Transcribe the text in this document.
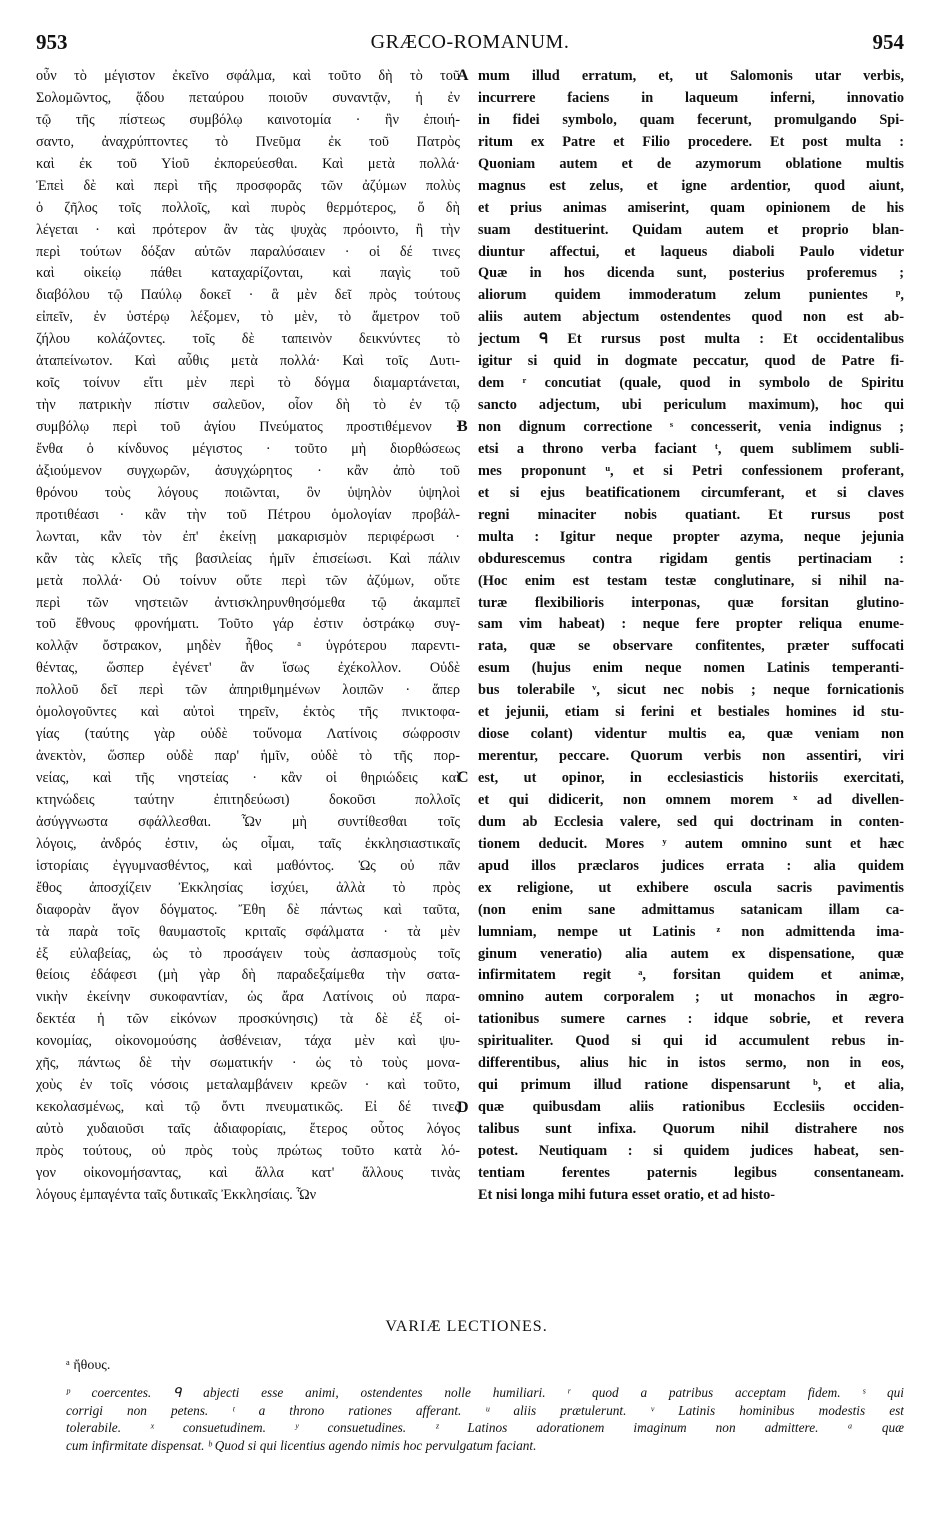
953	GRÆCO-ROMANUM.	954
οὖν τὸ μέγιστον ἐκεῖνο σφάλμα, καὶ τοῦτο δὴ τὸ τοῦ
Σολομῶντος, ᾅδου πεταύρου ποιοῦν συναντᾷν, ἡ ἐν
τῷ τῆς πίστεως συμβόλῳ καινοτομία · ἣν ἐποιή-
σαντο, ἀναχρύπτοντες τὸ Πνεῦμα ἐκ τοῦ Πατρὸς
καὶ ἐκ τοῦ Υἱοῦ ἐκπορεύεσθαι. Καὶ μετὰ πολλά·
Ἐπεὶ δὲ καὶ περὶ τῆς προσφορᾶς τῶν ἀζύμων πολὺς
ὁ ζῆλος τοῖς πολλοῖς, καὶ πυρὸς θερμότερος, ὅ δὴ
λέγεται · καὶ πρότερον ἂν τὰς ψυχὰς πρόοιντο, ἢ τὴν
περὶ τούτων δόξαν αὐτῶν παραλύσαιεν · οἱ δέ τινες
καὶ οἰκείῳ πάθει καταχαρίζονται, καὶ παγὶς τοῦ
διαβόλου τῷ Παύλῳ δοκεῖ · ἃ μὲν δεῖ πρὸς τούτους
εἰπεῖν, ἐν ὑστέρῳ λέξομεν, τὸ μὲν, τὸ ἄμετρον τοῦ
ζήλου κολάζοντες. τοῖς δὲ ταπεινὸν δεικνύντες τὸ
ἀταπείνωτον. Καὶ αὖθις μετὰ πολλά· Καὶ τοῖς Δυτι-
κοῖς τοίνυν εἴτι μὲν περὶ τὸ δόγμα διαμαρτάνεται,
τὴν πατρικὴν πίστιν σαλεῦον, οἷον δὴ τὸ ἐν τῷ
συμβόλῳ περὶ τοῦ ἁγίου Πνεύματος προστιθέμενον ·
ἔνθα ὁ κίνδυνος μέγιστος · τοῦτο μὴ διορθώσεως
ἀξιούμενον συγχωρῶν, ἀσυγχώρητος · κἂν ἀπὸ τοῦ
θρόνου τοὺς λόγους ποιῶνται, ὃν ὑψηλὸν ὑψηλοὶ
προτιθέασι · κἂν τὴν τοῦ Πέτρου ὁμολογίαν προβάλ-
λωνται, κἂν τὸν ἐπ' ἐκείνῃ μακαρισμὸν περιφέρωσι ·
κἂν τὰς κλεῖς τῆς βασιλείας ἡμῖν ἐπισείωσι. Καὶ πάλιν
μετὰ πολλά· Οὐ τοίνυν οὔτε περὶ τῶν ἀζύμων, οὔτε
περὶ τῶν νηστειῶν ἀντισκληρυνθησόμεθα τῷ ἀκαμπεῖ
τοῦ ἔθνους φρονήματι. Τοῦτο γάρ ἐστιν ὀστράκῳ συγ-
κολλᾷν ὄστρακον, μηδὲν ἦθος ᵃ ὑγρότερου παρεντι-
θέντας, ὥσπερ ἐγένετ' ἂν ἴσως ἐχέκολλον. Οὐδὲ
πολλοῦ δεῖ περὶ τῶν ἀπηριθμημένων λοιπῶν · ἅπερ
ὁμολογοῦντες καὶ αὐτοὶ τηρεῖν, ἐκτὸς τῆς πνικτοφα-
γίας (ταύτης γὰρ οὐδὲ τοὔνομα Λατίνοις σώφροσιν
ἀνεκτὸν, ὥσπερ οὐδὲ παρ' ἡμῖν, οὐδὲ τὸ τῆς πορ-
νείας, καὶ τῆς νηστείας · κἂν οἱ θηριώδεις καὶ
κτηνώδεις ταύτην ἐπιτηδεύωσι) δοκοῦσι πολλοῖς
ἀσύγγνωστα σφάλλεσθαι. Ὧν μὴ συντίθεσθαι τοῖς
λόγοις, ἀνδρός ἐστιν, ὡς οἶμαι, ταῖς ἐκκλησιαστικαῖς
ἱστορίαις ἐγγυμνασθέντος, καὶ μαθόντος. Ὡς οὐ πᾶν
ἔθος ἀποσχίζειν Ἐκκλησίας ἰσχύει, ἀλλὰ τὸ πρὸς
διαφορὰν ἄγον δόγματος. Ἔθη δὲ πάντως καὶ ταῦτα,
τὰ παρὰ τοῖς θαυμαστοῖς κριταῖς σφάλματα · τὰ μὲν
ἐξ εὐλαβείας, ὡς τὸ προσάγειν τοὺς ἀσπασμοὺς τοῖς
θείοις ἐδάφεσι (μὴ γὰρ δὴ παραδεξαίμεθα τὴν σατα-
νικὴν ἐκείνην συκοφαντίαν, ὡς ἄρα Λατίνοις οὐ παρα-
δεκτέα ἡ τῶν εἰκόνων προσκύνησις) τὰ δὲ ἐξ οἰ-
κονομίας, οἰκονομούσης ἀσθένειαν, τάχα μὲν καὶ ψυ-
χῆς, πάντως δὲ τὴν σωματικήν · ὡς τὸ τοὺς μονα-
χοὺς ἐν τοῖς νόσοις μεταλαμβάνειν κρεῶν · καὶ τοῦτο,
κεκολασμένως, καὶ τῷ ὄντι πνευματικῶς. Εἰ δέ τινες
αὐτὸ χυδαιοῦσι ταῖς ἀδιαφορίαις, ἕτερος οὗτος λόγος
πρὸς τούτους, οὐ πρὸς τοὺς πρώτως τοῦτο κατὰ λό-
γον οἰκονομήσαντας, καὶ ἄλλα κατ' ἄλλους τινὰς
λόγους ἐμπαγέντα ταῖς δυτικαῖς Ἐκκλησίαις. Ὧν
mum illud erratum, et, ut Salomonis utar verbis,
incurrere faciens in laqueum inferni, innovatio
in fidei symbolo, quam fecerunt, promulgando Spi-
ritum ex Patre et Filio procedere. Et post multa :
Quoniam autem et de azymorum oblatione multis
magnus est zelus, et igne ardentior, quod aiunt,
et prius animas amiserint, quam opinionem de his
suam destituerint. Quidam autem et proprio blan-
diuntur affectui, et laqueus diaboli Paulo videtur
Quæ in hos dicenda sunt, posterius proferemus ;
aliorum quidem immoderatum zelum punientes ᵖ,
aliis autem abjectum ostendentes quod non est ab-
jectum ᑫ Et rursus post multa : Et occidentalibus
igitur si quid in dogmate peccatur, quod de Patre fi-
dem ʳ concutiat (quale, quod in symbolo de Spiritu
sancto adjectum, ubi periculum maximum), hoc qui
non dignum correctione ˢ concesserit, venia indignus ;
etsi a throno verba faciant ᵗ, quem sublimem subli-
mes proponunt ᵘ, et si Petri confessionem proferant,
et si ejus beatificationem circumferant, et si claves
regni minaciter nobis quatiant. Et rursus post
multa : Igitur neque propter azyma, neque jejunia
obdurescemus contra rigidam gentis pertinaciam :
(Hoc enim est testam testæ conglutinare, si nihil na-
turæ flexibilioris interponas, quæ forsitan glutino-
sam vim habeat) : neque fere propter reliqua enume-
rata, quæ se observare confitentes, præter suffocati
esum (hujus enim neque nomen Latinis temperanti-
bus tolerabile ᵛ, sicut nec nobis ; neque fornicationis
et jejunii, etiam si ferini et bestiales homines id stu-
diose colant) videntur multis ea, quæ veniam non
merentur, peccare. Quorum verbis non assentiri, viri
est, ut opinor, in ecclesiasticis historiis exercitati,
et qui didicerit, non omnem morem ˣ ad divellen-
dum ab Ecclesia valere, sed qui doctrinam in conten-
tionem deducit. Mores ʸ autem omnino sunt et hæc
apud illos præclaros judices errata : alia quidem
ex religione, ut exhibere oscula sacris pavimentis
(non enim sane admittamus satanicam illam ca-
lumniam, nempe ut Latinis ᶻ non admittenda ima-
ginum veneratio) alia autem ex dispensatione, quæ
infirmitatem regit ᵃ, forsitan quidem et animæ,
omnino autem corporalem ; ut monachos in ægro-
tationibus sumere carnes : idque sobrie, et revera
spiritualiter. Quod si qui id accumulent rebus in-
differentibus, alius hic in istos sermo, non in eos,
qui primum illud ratione dispensarunt ᵇ, et alia,
quæ quibusdam aliis rationibus Ecclesiis occiden-
talibus sunt infixa. Quorum nihil distrahere nos
potest. Neutiquam : si quidem judices habeat, sen-
tentiam ferentes paternis legibus consentaneam.
Et nisi longa mihi futura esset oratio, et ad histo-
A
B
C
D
VARIÆ LECTIONES.
ᵃ ἤθους.
ᵖ coercentes. ᑫ abjecti esse animi, ostendentes nolle humiliari. ʳ quod a patribus acceptam fidem. ˢ qui
corrigi non petens. ᵗ a throno rationes afferant. ᵘ aliis prætulerunt. ᵛ Latinis hominibus modestis est
tolerabile. ˣ consuetudinem. ʸ consuetudines. ᶻ Latinos adorationem imaginum non admittere. ᵃ quæ
cum infirmitate dispensat. ᵇ Quod si qui licentius agendo nimis hoc pervulgatum faciant.
